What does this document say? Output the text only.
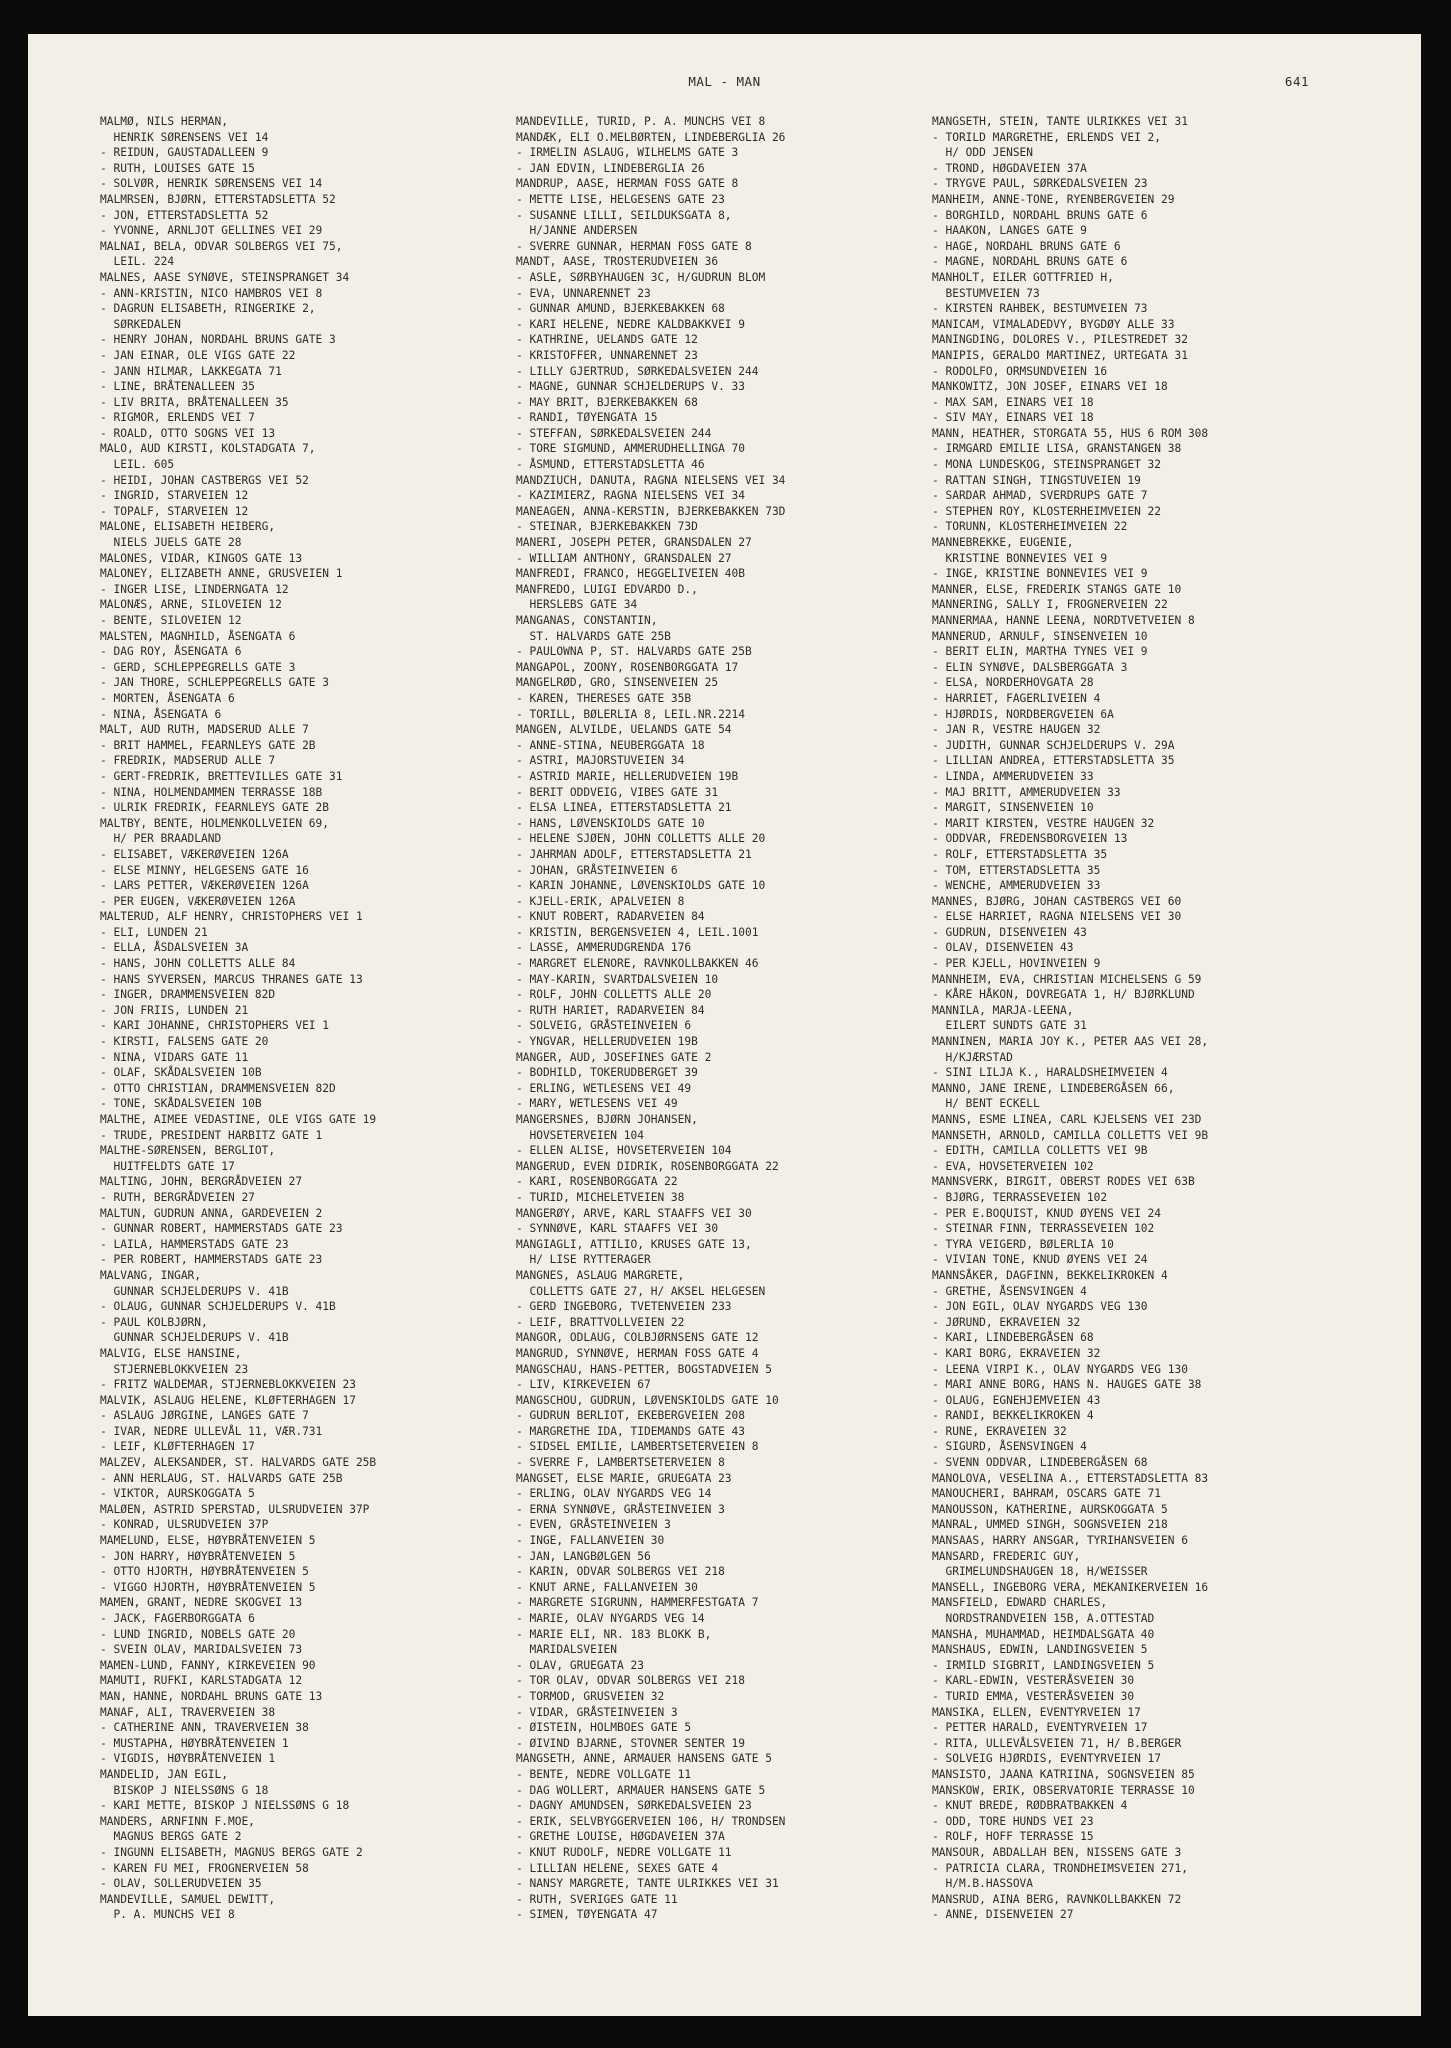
MAL - MAN	641
MALMØ, NILS HERMAN,
HENRIK SØRENSENS VEI 14
- REIDUN, GAUSTADALLEEN 9
- RUTH, LOUISES GATE 15
- SOLVØR, HENRIK SØRENSENS VEI 14
MALMRSEN, BJØRN, ETTERSTADSLETTA 52
- JON, ETTERSTADSLETTA 52
- YVONNE, ARNLJOT GELLINES VEI 29
MALNAI, BELA, ODVAR SOLBERGS VEI 75,
LEIL. 224
MALNES, AASE SYNØVE, STEINSPRANGET 34
- ANN-KRISTIN, NICO HAMBROS VEI 8
- DAGRUN ELISABETH, RINGERIKE 2,
SØRKEDALEN
- HENRY JOHAN, NORDAHL BRUNS GATE 3
- JAN EINAR, OLE VIGS GATE 22
- JANN HILMAR, LAKKEGATA 71
- LINE, BRÅTENALLEEN 35
- LIV BRITA, BRÅTENALLEEN 35
- RIGMOR, ERLENDS VEI 7
- ROALD, OTTO SOGNS VEI 13
MALO, AUD KIRSTI, KOLSTADGATA 7,
LEIL. 605
- HEIDI, JOHAN CASTBERGS VEI 52
- INGRID, STARVEIEN 12
- TOPALF, STARVEIEN 12
MALONE, ELISABETH HEIBERG,
NIELS JUELS GATE 28
MALONES, VIDAR, KINGOS GATE 13
MALONEY, ELIZABETH ANNE, GRUSVEIEN 1
- INGER LISE, LINDERNGATA 12
MALONÆS, ARNE, SILOVEIEN 12
- BENTE, SILOVEIEN 12
MALSTEN, MAGNHILD, ÅSENGATA 6
- DAG ROY, ÅSENGATA 6
- GERD, SCHLEPPEGRELLS GATE 3
- JAN THORE, SCHLEPPEGRELLS GATE 3
- MORTEN, ÅSENGATA 6
- NINA, ÅSENGATA 6
MALT, AUD RUTH, MADSERUD ALLE 7
- BRIT HAMMEL, FEARNLEYS GATE 2B
- FREDRIK, MADSERUD ALLE 7
- GERT-FREDRIK, BRETTEVILLES GATE 31
- NINA, HOLMENDAMMEN TERRASSE 18B
- ULRIK FREDRIK, FEARNLEYS GATE 2B
MALTBY, BENTE, HOLMENKOLLVEIEN 69,
H/ PER BRAADLAND
- ELISABET, VÆKERØVEIEN 126A
- ELSE MINNY, HELGESENS GATE 16
- LARS PETTER, VÆKERØVEIEN 126A
- PER EUGEN, VÆKERØVEIEN 126A
MALTERUD, ALF HENRY, CHRISTOPHERS VEI 1
- ELI, LUNDEN 21
- ELLA, ÅSDALSVEIEN 3A
- HANS, JOHN COLLETTS ALLE 84
- HANS SYVERSEN, MARCUS THRANES GATE 13
- INGER, DRAMMENSVEIEN 82D
- JON FRIIS, LUNDEN 21
- KARI JOHANNE, CHRISTOPHERS VEI 1
- KIRSTI, FALSENS GATE 20
- NINA, VIDARS GATE 11
- OLAF, SKÅDALSVEIEN 10B
- OTTO CHRISTIAN, DRAMMENSVEIEN 82D
- TONE, SKÅDALSVEIEN 10B
MALTHE, AIMEE VEDASTINE, OLE VIGS GATE 19
- TRUDE, PRESIDENT HARBITZ GATE 1
MALTHE-SØRENSEN, BERGLIOT,
HUITFELDTS GATE 17
MALTING, JOHN, BERGRÅDVEIEN 27
- RUTH, BERGRÅDVEIEN 27
MALTUN, GUDRUN ANNA, GARDEVEIEN 2
- GUNNAR ROBERT, HAMMERSTADS GATE 23
- LAILA, HAMMERSTADS GATE 23
- PER ROBERT, HAMMERSTADS GATE 23
MALVANG, INGAR,
GUNNAR SCHJELDERUPS V. 41B
- OLAUG, GUNNAR SCHJELDERUPS V. 41B
- PAUL KOLBJØRN,
GUNNAR SCHJELDERUPS V. 41B
MALVIG, ELSE HANSINE,
STJERNEBLOKKVEIEN 23
- FRITZ WALDEMAR, STJERNEBLOKKVEIEN 23
MALVIK, ASLAUG HELENE, KLØFTERHAGEN 17
- ASLAUG JØRGINE, LANGES GATE 7
- IVAR, NEDRE ULLEVÅL 11, VÆR.731
- LEIF, KLØFTERHAGEN 17
MALZEV, ALEKSANDER, ST. HALVARDS GATE 25B
- ANN HERLAUG, ST. HALVARDS GATE 25B
- VIKTOR, AURSKOGGATA 5
MALØEN, ASTRID SPERSTAD, ULSRUDVEIEN 37P
- KONRAD, ULSRUDVEIEN 37P
MAMELUND, ELSE, HØYBRÅTENVEIEN 5
- JON HARRY, HØYBRÅTENVEIEN 5
- OTTO HJORTH, HØYBRÅTENVEIEN 5
- VIGGO HJORTH, HØYBRÅTENVEIEN 5
MAMEN, GRANT, NEDRE SKOGVEI 13
- JACK, FAGERBORGGATA 6
- LUND INGRID, NOBELS GATE 20
- SVEIN OLAV, MARIDALSVEIEN 73
MAMEN-LUND, FANNY, KIRKEVEIEN 90
MAMUTI, RUFKI, KARLSTADGATA 12
MAN, HANNE, NORDAHL BRUNS GATE 13
MANAF, ALI, TRAVERVEIEN 38
- CATHERINE ANN, TRAVERVEIEN 38
- MUSTAPHA, HØYBRÅTENVEIEN 1
- VIGDIS, HØYBRÅTENVEIEN 1
MANDELID, JAN EGIL,
BISKOP J NIELSSØNS G 18
- KARI METTE, BISKOP J NIELSSØNS G 18
MANDERS, ARNFINN F.MOE,
MAGNUS BERGS GATE 2
- INGUNN ELISABETH, MAGNUS BERGS GATE 2
- KAREN FU MEI, FROGNERVEIEN 58
- OLAV, SOLLERUDVEIEN 35
MANDEVILLE, SAMUEL DEWITT,
P. A. MUNCHS VEI 8
MANDEVILLE, TURID, P. A. MUNCHS VEI 8
MANDÆK, ELI O.MELBØRTEN, LINDEBERGLIA 26
- IRMELIN ASLAUG, WILHELMS GATE 3
- JAN EDVIN, LINDEBERGLIA 26
MANDRUP, AASE, HERMAN FOSS GATE 8
- METTE LISE, HELGESENS GATE 23
- SUSANNE LILLI, SEILDUKSGATA 8,
H/JANNE ANDERSEN
- SVERRE GUNNAR, HERMAN FOSS GATE 8
MANDT, AASE, TROSTERUDVEIEN 36
- ASLE, SØRBYHAUGEN 3C, H/GUDRUN BLOM
- EVA, UNNARENNET 23
- GUNNAR AMUND, BJERKEBAKKEN 68
- KARI HELENE, NEDRE KALDBAKKVEI 9
- KATHRINE, UELANDS GATE 12
- KRISTOFFER, UNNARENNET 23
- LILLY GJERTRUD, SØRKEDALSVEIEN 244
- MAGNE, GUNNAR SCHJELDERUPS V. 33
- MAY BRIT, BJERKEBAKKEN 68
- RANDI, TØYENGATA 15
- STEFFAN, SØRKEDALSVEIEN 244
- TORE SIGMUND, AMMERUDHELLINGA 70
- ÅSMUND, ETTERSTADSLETTA 46
MANDZIUCH, DANUTA, RAGNA NIELSENS VEI 34
- KAZIMIERZ, RAGNA NIELSENS VEI 34
MANEAGEN, ANNA-KERSTIN, BJERKEBAKKEN 73D
- STEINAR, BJERKEBAKKEN 73D
MANERI, JOSEPH PETER, GRANSDALEN 27
- WILLIAM ANTHONY, GRANSDALEN 27
MANFREDI, FRANCO, HEGGELIVEIEN 40B
MANFREDO, LUIGI EDVARDO D.,
HERSLEBS GATE 34
MANGANAS, CONSTANTIN,
ST. HALVARDS GATE 25B
- PAULOWNA P, ST. HALVARDS GATE 25B
MANGAPOL, ZOONY, ROSENBORGGATA 17
MANGELRØD, GRO, SINSENVEIEN 25
- KAREN, THERESES GATE 35B
- TORILL, BØLERLIA 8, LEIL.NR.2214
MANGEN, ALVILDE, UELANDS GATE 54
- ANNE-STINA, NEUBERGGATA 18
- ASTRI, MAJORSTUVEIEN 34
- ASTRID MARIE, HELLERUDVEIEN 19B
- BERIT ODDVEIG, VIBES GATE 31
- ELSA LINEA, ETTERSTADSLETTA 21
- HANS, LØVENSKIOLDS GATE 10
- HELENE SJØEN, JOHN COLLETTS ALLE 20
- JAHRMAN ADOLF, ETTERSTADSLETTA 21
- JOHAN, GRÅSTEINVEIEN 6
- KARIN JOHANNE, LØVENSKIOLDS GATE 10
- KJELL-ERIK, APALVEIEN 8
- KNUT ROBERT, RADARVEIEN 84
- KRISTIN, BERGENSVEIEN 4, LEIL.1001
- LASSE, AMMERUDGRENDA 176
- MARGRET ELENORE, RAVNKOLLBAKKEN 46
- MAY-KARIN, SVARTDALSVEIEN 10
- ROLF, JOHN COLLETTS ALLE 20
- RUTH HARIET, RADARVEIEN 84
- SOLVEIG, GRÅSTEINVEIEN 6
- YNGVAR, HELLERUDVEIEN 19B
MANGER, AUD, JOSEFINES GATE 2
- BODHILD, TOKERUDBERGET 39
- ERLING, WETLESENS VEI 49
- MARY, WETLESENS VEI 49
MANGERSNES, BJØRN JOHANSEN,
HOVSETERVEIEN 104
- ELLEN ALISE, HOVSETERVEIEN 104
MANGERUD, EVEN DIDRIK, ROSENBORGGATA 22
- KARI, ROSENBORGGATA 22
- TURID, MICHELETVEIEN 38
MANGERØY, ARVE, KARL STAAFFS VEI 30
- SYNNØVE, KARL STAAFFS VEI 30
MANGIAGLI, ATTILIO, KRUSES GATE 13,
H/ LISE RYTTERAGER
MANGNES, ASLAUG MARGRETE,
COLLETTS GATE 27, H/ AKSEL HELGESEN
- GERD INGEBORG, TVETENVEIEN 233
- LEIF, BRATTVOLLVEIEN 22
MANGOR, ODLAUG, COLBJØRNSENS GATE 12
MANGRUD, SYNNØVE, HERMAN FOSS GATE 4
MANGSCHAU, HANS-PETTER, BOGSTADVEIEN 5
- LIV, KIRKEVEIEN 67
MANGSCHOU, GUDRUN, LØVENSKIOLDS GATE 10
- GUDRUN BERLIOT, EKEBERGVEIEN 208
- MARGRETHE IDA, TIDEMANDS GATE 43
- SIDSEL EMILIE, LAMBERTSETERVEIEN 8
- SVERRE F, LAMBERTSETERVEIEN 8
MANGSET, ELSE MARIE, GRUEGATA 23
- ERLING, OLAV NYGARDS VEG 14
- ERNA SYNNØVE, GRÅSTEINVEIEN 3
- EVEN, GRÅSTEINVEIEN 3
- INGE, FALLANVEIEN 30
- JAN, LANGBØLGEN 56
- KARIN, ODVAR SOLBERGS VEI 218
- KNUT ARNE, FALLANVEIEN 30
- MARGRETE SIGRUNN, HAMMERFESTGATA 7
- MARIE, OLAV NYGARDS VEG 14
- MARIE ELI, NR. 183 BLOKK B,
MARIDALSVEIEN
- OLAV, GRUEGATA 23
- TOR OLAV, ODVAR SOLBERGS VEI 218
- TORMOD, GRUSVEIEN 32
- VIDAR, GRÅSTEINVEIEN 3
- ØISTEIN, HOLMBOES GATE 5
- ØIVIND BJARNE, STOVNER SENTER 19
MANGSETH, ANNE, ARMAUER HANSENS GATE 5
- BENTE, NEDRE VOLLGATE 11
- DAG WOLLERT, ARMAUER HANSENS GATE 5
- DAGNY AMUNDSEN, SØRKEDALSVEIEN 23
- ERIK, SELVBYGGERVEIEN 106, H/ TRONDSEN
- GRETHE LOUISE, HØGDAVEIEN 37A
- KNUT RUDOLF, NEDRE VOLLGATE 11
- LILLIAN HELENE, SEXES GATE 4
- NANSY MARGRETE, TANTE ULRIKKES VEI 31
- RUTH, SVERIGES GATE 11
- SIMEN, TØYENGATA 47
MANGSETH, STEIN, TANTE ULRIKKES VEI 31
- TORILD MARGRETHE, ERLENDS VEI 2,
H/ ODD JENSEN
- TROND, HØGDAVEIEN 37A
- TRYGVE PAUL, SØRKEDALSVEIEN 23
MANHEIM, ANNE-TONE, RYENBERGVEIEN 29
- BORGHILD, NORDAHL BRUNS GATE 6
- HAAKON, LANGES GATE 9
- HAGE, NORDAHL BRUNS GATE 6
- MAGNE, NORDAHL BRUNS GATE 6
MANHOLT, EILER GOTTFRIED H,
BESTUMVEIEN 73
- KIRSTEN RAHBEK, BESTUMVEIEN 73
MANICAM, VIMALADEDVY, BYGDØY ALLE 33
MANINGDING, DOLORES V., PILESTREDET 32
MANIPIS, GERALDO MARTINEZ, URTEGATA 31
- RODOLFO, ORMSUNDVEIEN 16
MANKOWITZ, JON JOSEF, EINARS VEI 18
- MAX SAM, EINARS VEI 18
- SIV MAY, EINARS VEI 18
MANN, HEATHER, STORGATA 55, HUS 6 ROM 308
- IRMGARD EMILIE LISA, GRANSTANGEN 38
- MONA LUNDESKOG, STEINSPRANGET 32
- RATTAN SINGH, TINGSTUVEIEN 19
- SARDAR AHMAD, SVERDRUPS GATE 7
- STEPHEN ROY, KLOSTERHEIMVEIEN 22
- TORUNN, KLOSTERHEIMVEIEN 22
MANNEBREKKE, EUGENIE,
KRISTINE BONNEVIES VEI 9
- INGE, KRISTINE BONNEVIES VEI 9
MANNER, ELSE, FREDERIK STANGS GATE 10
MANNERING, SALLY I, FROGNERVEIEN 22
MANNERMAA, HANNE LEENA, NORDTVETVEIEN 8
MANNERUD, ARNULF, SINSENVEIEN 10
- BERIT ELIN, MARTHA TYNES VEI 9
- ELIN SYNØVE, DALSBERGGATA 3
- ELSA, NORDERHOVGATA 28
- HARRIET, FAGERLIVEIEN 4
- HJØRDIS, NORDBERGVEIEN 6A
- JAN R, VESTRE HAUGEN 32
- JUDITH, GUNNAR SCHJELDERUPS V. 29A
- LILLIAN ANDREA, ETTERSTADSLETTA 35
- LINDA, AMMERUDVEIEN 33
- MAJ BRITT, AMMERUDVEIEN 33
- MARGIT, SINSENVEIEN 10
- MARIT KIRSTEN, VESTRE HAUGEN 32
- ODDVAR, FREDENSBORGVEIEN 13
- ROLF, ETTERSTADSLETTA 35
- TOM, ETTERSTADSLETTA 35
- WENCHE, AMMERUDVEIEN 33
MANNES, BJØRG, JOHAN CASTBERGS VEI 60
- ELSE HARRIET, RAGNA NIELSENS VEI 30
- GUDRUN, DISENVEIEN 43
- OLAV, DISENVEIEN 43
- PER KJELL, HOVINVEIEN 9
MANNHEIM, EVA, CHRISTIAN MICHELSENS G 59
- KÅRE HÅKON, DOVREGATA 1, H/ BJØRKLUND
MANNILA, MARJA-LEENA,
EILERT SUNDTS GATE 31
MANNINEN, MARIA JOY K., PETER AAS VEI 28,
H/KJÆRSTAD
- SINI LILJA K., HARALDSHEIMVEIEN 4
MANNO, JANE IRENE, LINDEBERGÅSEN 66,
H/ BENT ECKELL
MANNS, ESME LINEA, CARL KJELSENS VEI 23D
MANNSETH, ARNOLD, CAMILLA COLLETTS VEI 9B
- EDITH, CAMILLA COLLETTS VEI 9B
- EVA, HOVSETERVEIEN 102
MANNSVERK, BIRGIT, OBERST RODES VEI 63B
- BJØRG, TERRASSEVEIEN 102
- PER E.BOQUIST, KNUD ØYENS VEI 24
- STEINAR FINN, TERRASSEVEIEN 102
- TYRA VEIGERD, BØLERLIA 10
- VIVIAN TONE, KNUD ØYENS VEI 24
MANNSÅKER, DAGFINN, BEKKELIKROKEN 4
- GRETHE, ÅSENSVINGEN 4
- JON EGIL, OLAV NYGARDS VEG 130
- JØRUND, EKRAVEIEN 32
- KARI, LINDEBERGÅSEN 68
- KARI BORG, EKRAVEIEN 32
- LEENA VIRPI K., OLAV NYGARDS VEG 130
- MARI ANNE BORG, HANS N. HAUGES GATE 38
- OLAUG, EGNEHJEMVEIEN 43
- RANDI, BEKKELIKROKEN 4
- RUNE, EKRAVEIEN 32
- SIGURD, ÅSENSVINGEN 4
- SVENN ODDVAR, LINDEBERGÅSEN 68
MANOLOVA, VESELINA A., ETTERSTADSLETTA 83
MANOUCHERI, BAHRAM, OSCARS GATE 71
MANOUSSON, KATHERINE, AURSKOGGATA 5
MANRAL, UMMED SINGH, SOGNSVEIEN 218
MANSAAS, HARRY ANSGAR, TYRIHANSVEIEN 6
MANSARD, FREDERIC GUY,
GRIMELUNDSHAUGEN 18, H/WEISSER
MANSELL, INGEBORG VERA, MEKANIKERVEIEN 16
MANSFIELD, EDWARD CHARLES,
NORDSTRANDVEIEN 15B, A.OTTESTAD
MANSHA, MUHAMMAD, HEIMDALSGATA 40
MANSHAUS, EDWIN, LANDINGSVEIEN 5
- IRMILD SIGBRIT, LANDINGSVEIEN 5
- KARL-EDWIN, VESTERÅSVEIEN 30
- TURID EMMA, VESTERÅSVEIEN 30
MANSIKA, ELLEN, EVENTYRVEIEN 17
- PETTER HARALD, EVENTYRVEIEN 17
- RITA, ULLEVÅLSVEIEN 71, H/ B.BERGER
- SOLVEIG HJØRDIS, EVENTYRVEIEN 17
MANSISTO, JAANA KATRIINA, SOGNSVEIEN 85
MANSKOW, ERIK, OBSERVATORIE TERRASSE 10
- KNUT BREDE, RØDBRATBAKKEN 4
- ODD, TORE HUNDS VEI 23
- ROLF, HOFF TERRASSE 15
MANSOUR, ABDALLAH BEN, NISSENS GATE 3
- PATRICIA CLARA, TRONDHEIMSVEIEN 271,
H/M.B.HASSOVA
MANSRUD, AINA BERG, RAVNKOLLBAKKEN 72
- ANNE, DISENVEIEN 27
